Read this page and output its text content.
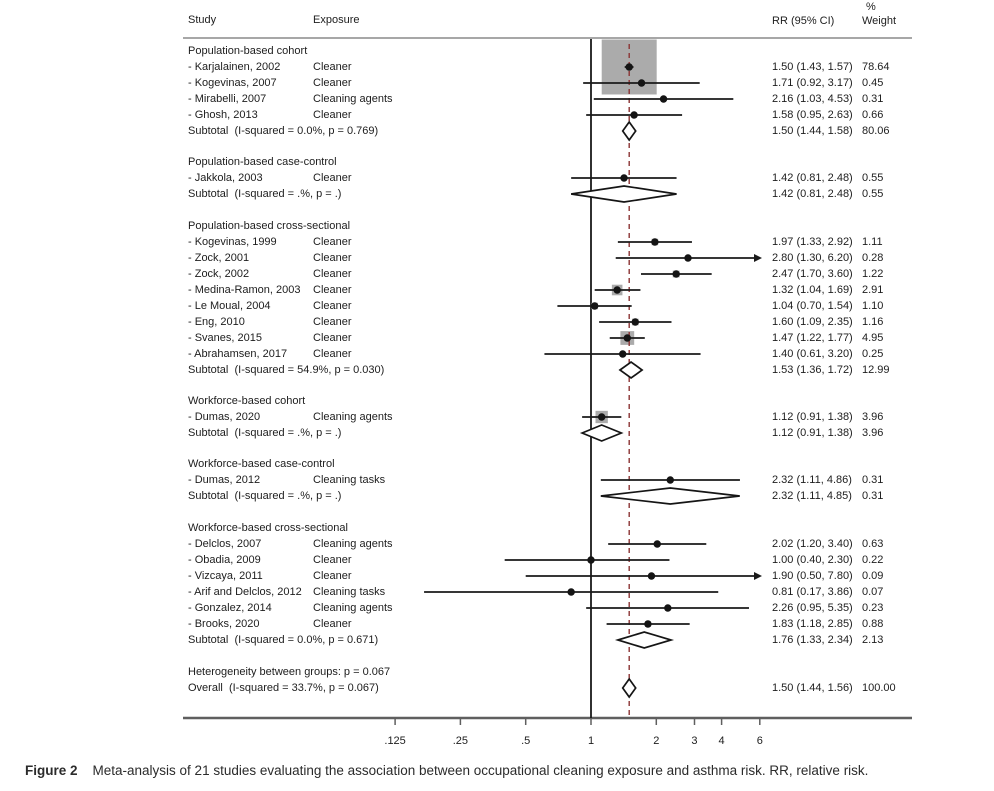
Study	Exposure	RR (95% CI)
%
Weight
Figure 2 Meta-analysis of 21 studies evaluating the association between occupational cleaning exposure and asthma risk. RR, relative risk.
.125	.25	.5	1	2	3 4	6
Population-based cohort
- Karjalainen, 2002	Cleaner	1.50 (1.43, 1.57) 78.64
- Kogevinas, 2007	Cleaner	1.71 (0.92, 3.17) 0.45
- Mirabelli, 2007	Cleaning agents	2.16 (1.03, 4.53) 0.31
- Ghosh, 2013	Cleaner	1.58 (0.95, 2.63) 0.66
Subtotal  (I-squared = 0.0%, p = 0.769)	1.50 (1.44, 1.58) 80.06
Population-based case-control
- Jakkola, 2003	Cleaner	1.42 (0.81, 2.48) 0.55
Subtotal  (I-squared = .%, p = .)	1.42 (0.81, 2.48) 0.55
Population-based cross-sectional
- Kogevinas, 1999	Cleaner	1.97 (1.33, 2.92) 1.11
- Zock, 2001	Cleaner	2.80 (1.30, 6.20) 0.28
- Zock, 2002	Cleaner	2.47 (1.70, 3.60) 1.22
- Medina-Ramon, 2003 Cleaner	1.32 (1.04, 1.69) 2.91
- Le Moual, 2004	Cleaner	1.04 (0.70, 1.54) 1.10
- Eng, 2010	Cleaner	1.60 (1.09, 2.35) 1.16
- Svanes, 2015	Cleaner	1.47 (1.22, 1.77) 4.95
- Abrahamsen, 2017 Cleaner	1.40 (0.61, 3.20) 0.25
Subtotal  (I-squared = 54.9%, p = 0.030)	1.53 (1.36, 1.72) 12.99
Workforce-based cohort
- Dumas, 2020	Cleaning agents	1.12 (0.91, 1.38) 3.96
Subtotal  (I-squared = .%, p = .)	1.12 (0.91, 1.38) 3.96
Workforce-based case-control
- Dumas, 2012	Cleaning tasks	2.32 (1.11, 4.86) 0.31
Subtotal  (I-squared = .%, p = .)	2.32 (1.11, 4.85) 0.31
Workforce-based cross-sectional
- Delclos, 2007	Cleaning agents	2.02 (1.20, 3.40) 0.63
- Obadia, 2009	Cleaner	1.00 (0.40, 2.30) 0.22
- Vizcaya, 2011	Cleaner	1.90 (0.50, 7.80) 0.09
- Arif and Delclos, 2012 Cleaning tasks	0.81 (0.17, 3.86) 0.07
- Gonzalez, 2014	Cleaning agents	2.26 (0.95, 5.35) 0.23
- Brooks, 2020	Cleaner	1.83 (1.18, 2.85) 0.88
Subtotal  (I-squared = 0.0%, p = 0.671)	1.76 (1.33, 2.34) 2.13
Heterogeneity between groups: p = 0.067
Overall  (I-squared = 33.7%, p = 0.067)	1.50 (1.44, 1.56) 100.00
